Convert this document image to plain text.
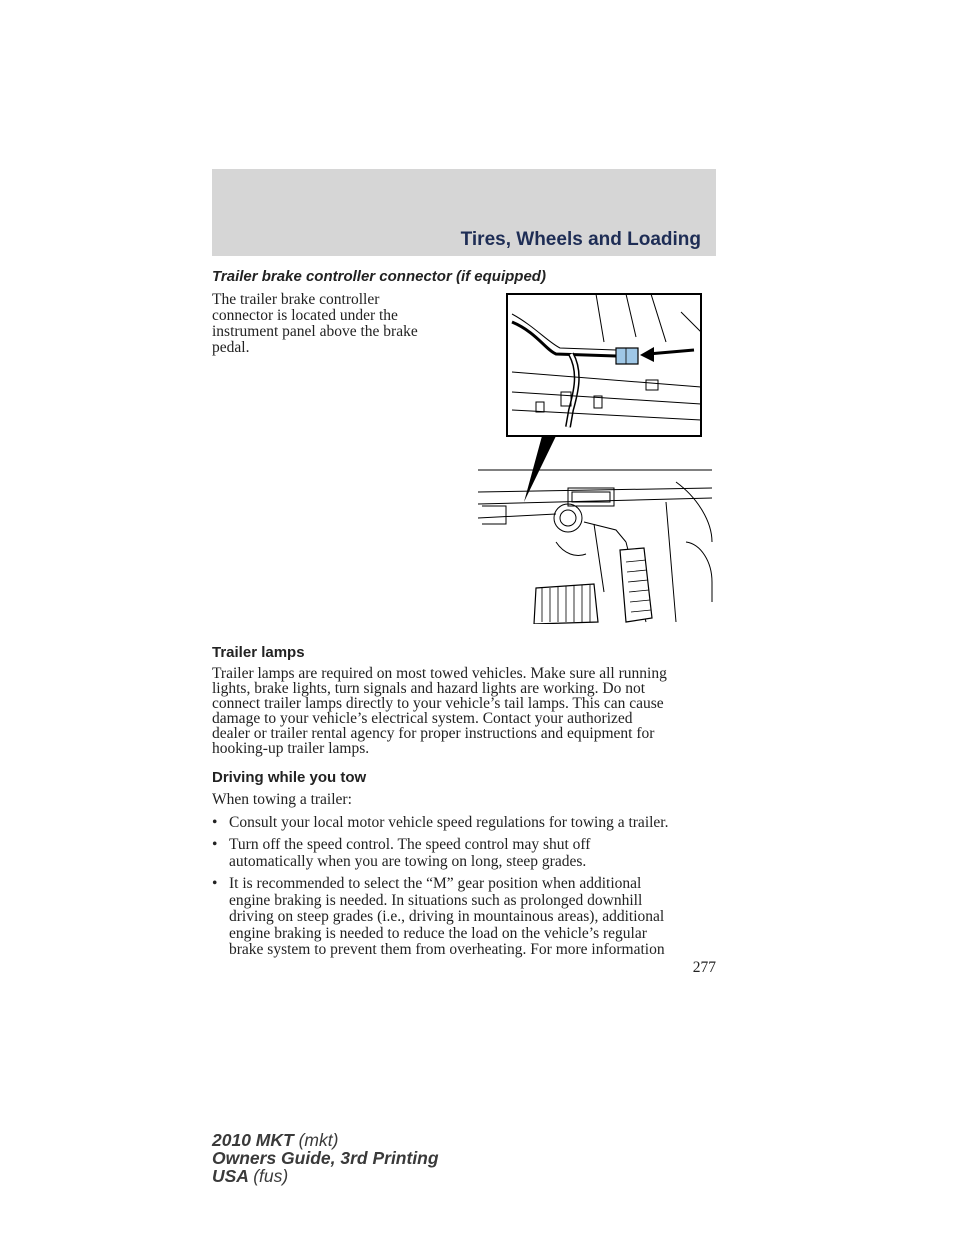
Tires, Wheels and Loading
Trailer brake controller connector (if equipped)
The trailer brake controller
connector is located under the
instrument panel above the brake
pedal.
Trailer lamps
Trailer lamps are required on most towed vehicles. Make sure all running
lights, brake lights, turn signals and hazard lights are working. Do not
connect trailer lamps directly to your vehicle’s tail lamps. This can cause
damage to your vehicle’s electrical system. Contact your authorized
dealer or trailer rental agency for proper instructions and equipment for
hooking-up trailer lamps.
Driving while you tow
When towing a trailer:
• Consult your local motor vehicle speed regulations for towing a trailer.
• Turn off the speed control. The speed control may shut off
automatically when you are towing on long, steep grades.
• It is recommended to select the “M” gear position when additional
engine braking is needed. In situations such as prolonged downhill
driving on steep grades (i.e., driving in mountainous areas), additional
engine braking is needed to reduce the load on the vehicle’s regular
brake system to prevent them from overheating. For more information
277
2010 MKT (mkt)
Owners Guide, 3rd Printing
USA (fus)
